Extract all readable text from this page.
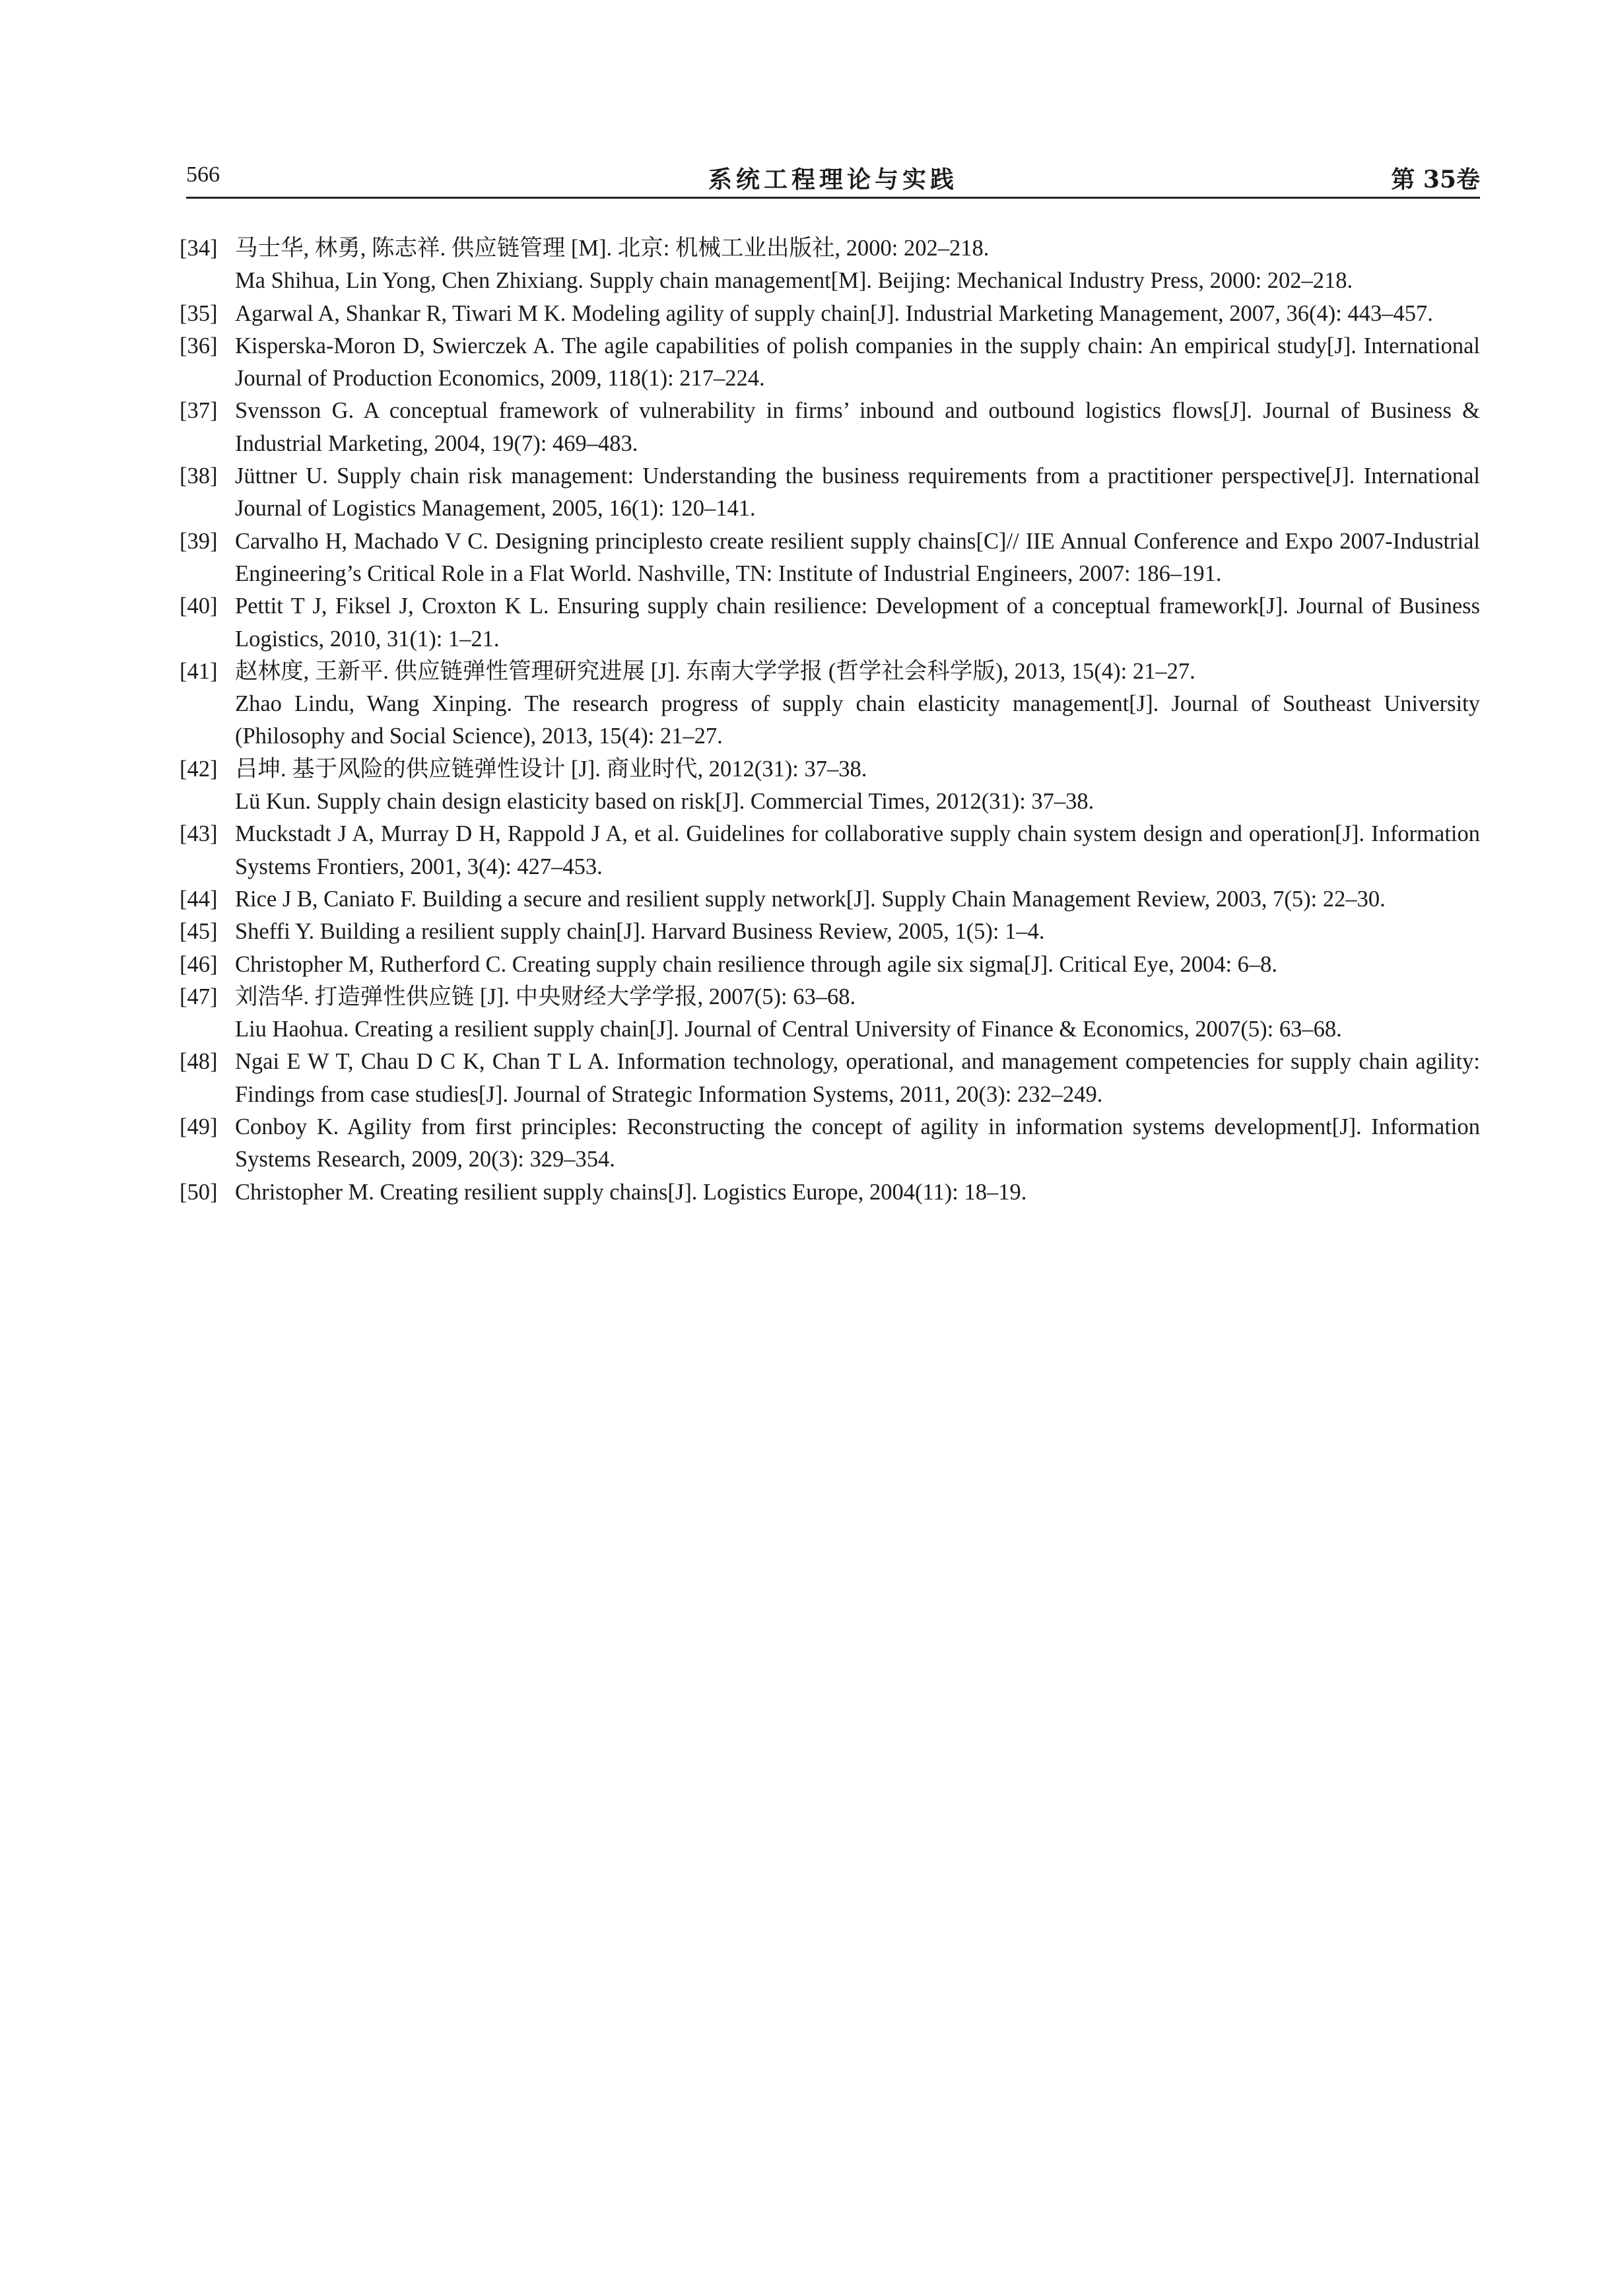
566	系统工程理论与实践	第 35卷
[34] 马士华, 林勇, 陈志祥. 供应链管理 [M]. 北京: 机械工业出版社, 2000: 202–218.
Ma Shihua, Lin Yong, Chen Zhixiang. Supply chain management[M]. Beijing: Mechanical Industry Press, 2000: 202–218.
[35] Agarwal A, Shankar R, Tiwari M K. Modeling agility of supply chain[J]. Industrial Marketing Management, 2007, 36(4): 443–457.
[36] Kisperska-Moron D, Swierczek A. The agile capabilities of polish companies in the supply chain: An empirical study[J]. International Journal of Production Economics, 2009, 118(1): 217–224.
[37] Svensson G. A conceptual framework of vulnerability in firms’ inbound and outbound logistics flows[J]. Journal of Business & Industrial Marketing, 2004, 19(7): 469–483.
[38] Jüttner U. Supply chain risk management: Understanding the business requirements from a practitioner perspective[J]. International Journal of Logistics Management, 2005, 16(1): 120–141.
[39] Carvalho H, Machado V C. Designing principlesto create resilient supply chains[C]// IIE Annual Conference and Expo 2007-Industrial Engineering’s Critical Role in a Flat World. Nashville, TN: Institute of Industrial Engineers, 2007: 186–191.
[40] Pettit T J, Fiksel J, Croxton K L. Ensuring supply chain resilience: Development of a conceptual framework[J]. Journal of Business Logistics, 2010, 31(1): 1–21.
[41] 赵林度, 王新平. 供应链弹性管理研究进展 [J]. 东南大学学报 (哲学社会科学版), 2013, 15(4): 21–27.
Zhao Lindu, Wang Xinping. The research progress of supply chain elasticity management[J]. Journal of Southeast University (Philosophy and Social Science), 2013, 15(4): 21–27.
[42] 吕坤. 基于风险的供应链弹性设计 [J]. 商业时代, 2012(31): 37–38.
Lü Kun. Supply chain design elasticity based on risk[J]. Commercial Times, 2012(31): 37–38.
[43] Muckstadt J A, Murray D H, Rappold J A, et al. Guidelines for collaborative supply chain system design and operation[J]. Information Systems Frontiers, 2001, 3(4): 427–453.
[44] Rice J B, Caniato F. Building a secure and resilient supply network[J]. Supply Chain Management Review, 2003, 7(5): 22–30.
[45] Sheffi Y. Building a resilient supply chain[J]. Harvard Business Review, 2005, 1(5): 1–4.
[46] Christopher M, Rutherford C. Creating supply chain resilience through agile six sigma[J]. Critical Eye, 2004: 6–8.
[47] 刘浩华. 打造弹性供应链 [J]. 中央财经大学学报, 2007(5): 63–68.
Liu Haohua. Creating a resilient supply chain[J]. Journal of Central University of Finance & Economics, 2007(5): 63–68.
[48] Ngai E W T, Chau D C K, Chan T L A. Information technology, operational, and management competencies for supply chain agility: Findings from case studies[J]. Journal of Strategic Information Systems, 2011, 20(3): 232–249.
[49] Conboy K. Agility from first principles: Reconstructing the concept of agility in information systems development[J]. Information Systems Research, 2009, 20(3): 329–354.
[50] Christopher M. Creating resilient supply chains[J]. Logistics Europe, 2004(11): 18–19.
